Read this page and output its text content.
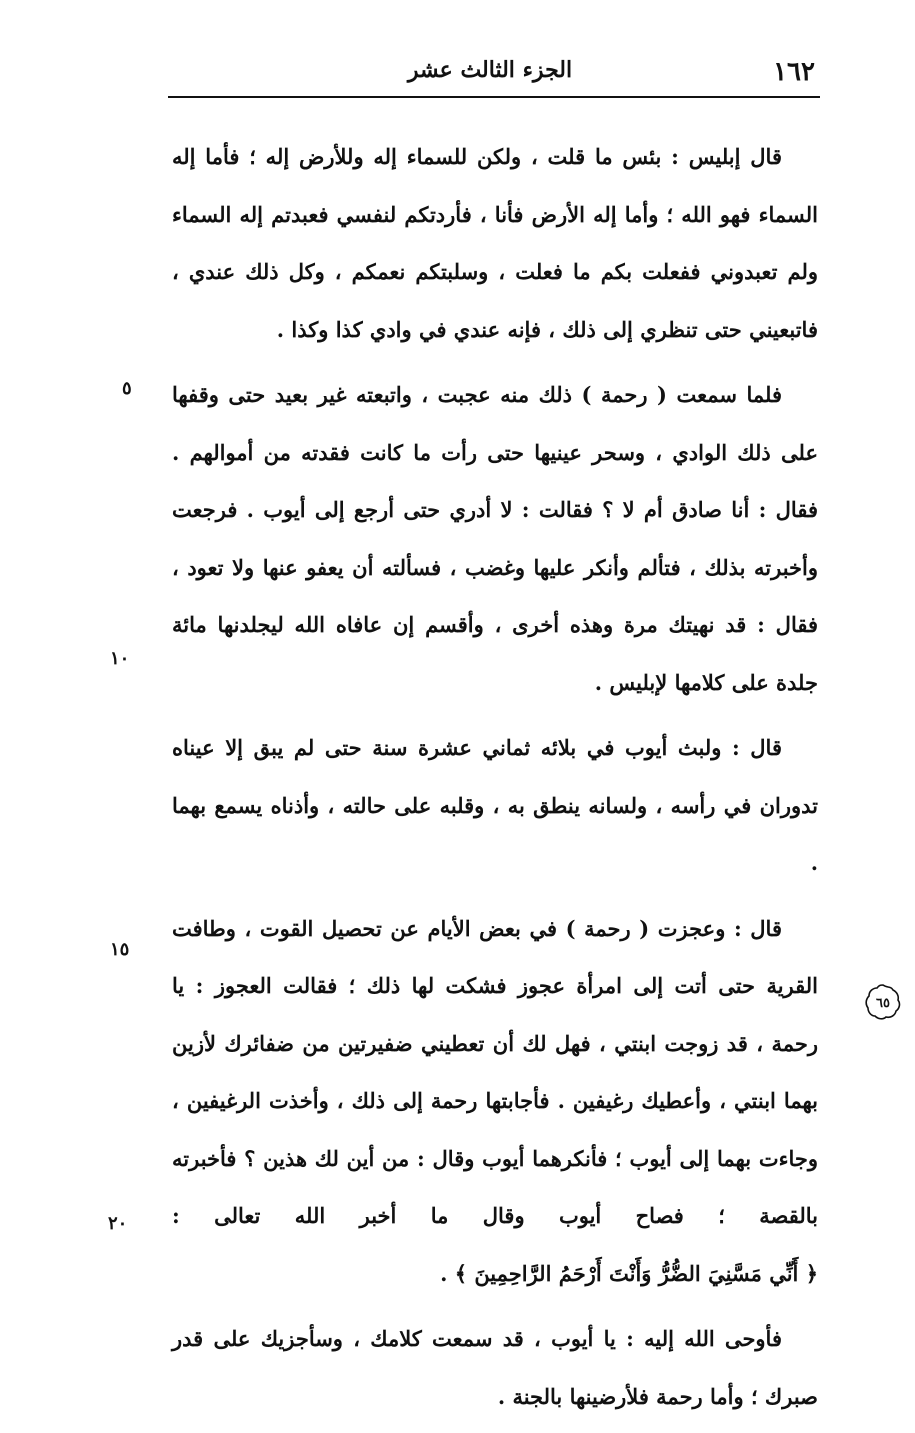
١٦٢
الجزء الثالث عشر

قال إبليس : بئس ما قلت ، ولكن للسماء إله وللأرض إله ؛ فأما إله السماء فهو الله ؛ وأما إله الأرض فأنا ، فأردتكم لنفسي فعبدتم إله السماء ولم تعبدوني ففعلت بكم ما فعلت ، وسلبتكم نعمكم ، وكل ذلك عندي ، فاتبعيني حتى تنظري إلى ذلك ، فإنه عندي في وادي كذا وكذا .

فلما سمعت ( رحمة ) ذلك منه عجبت ، واتبعته غير بعيد حتى وقفها على ذلك الوادي ، وسحر عينيها حتى رأت ما كانت فقدته من أموالهم . فقال : أنا صادق أم لا ؟ فقالت : لا أدري حتى أرجع إلى أيوب . فرجعت وأخبرته بذلك ، فتألم وأنكر عليها وغضب ، فسألته أن يعفو عنها ولا تعود ، فقال : قد نهيتك مرة وهذه أخرى ، وأقسم إن عافاه الله ليجلدنها مائة جلدة على كلامها لإبليس .

قال : ولبث أيوب في بلائه ثماني عشرة سنة حتى لم يبق إلا عيناه تدوران في رأسه ، ولسانه ينطق به ، وقلبه على حالته ، وأذناه يسمع بهما .

قال : وعجزت ( رحمة ) في بعض الأيام عن تحصيل القوت ، وطافت القرية حتى أتت إلى امرأة عجوز فشكت لها ذلك ؛ فقالت العجوز : يا رحمة ، قد زوجت ابنتي ، فهل لك أن تعطيني ضفيرتين من ضفائرك لأزين بهما ابنتي ، وأعطيك رغيفين . فأجابتها رحمة إلى ذلك ، وأخذت الرغيفين ، وجاءت بهما إلى أيوب ؛ فأنكرهما أيوب وقال : من أين لك هذين ؟ فأخبرته بالقصة ؛ فصاح أيوب وقال ما أخبر الله تعالى : ﴿ أَنِّي مَسَّنِيَ الضُّرُّ وَأَنْتَ أَرْحَمُ الرَّاحِمِينَ ﴾ .

فأوحى الله إليه : يا أيوب ، قد سمعت كلامك ، وسأجزيك على قدر صبرك ؛ وأما رحمة فلأرضينها بالجنة .

٥
١٠
١٥
٢٠
٦٥
